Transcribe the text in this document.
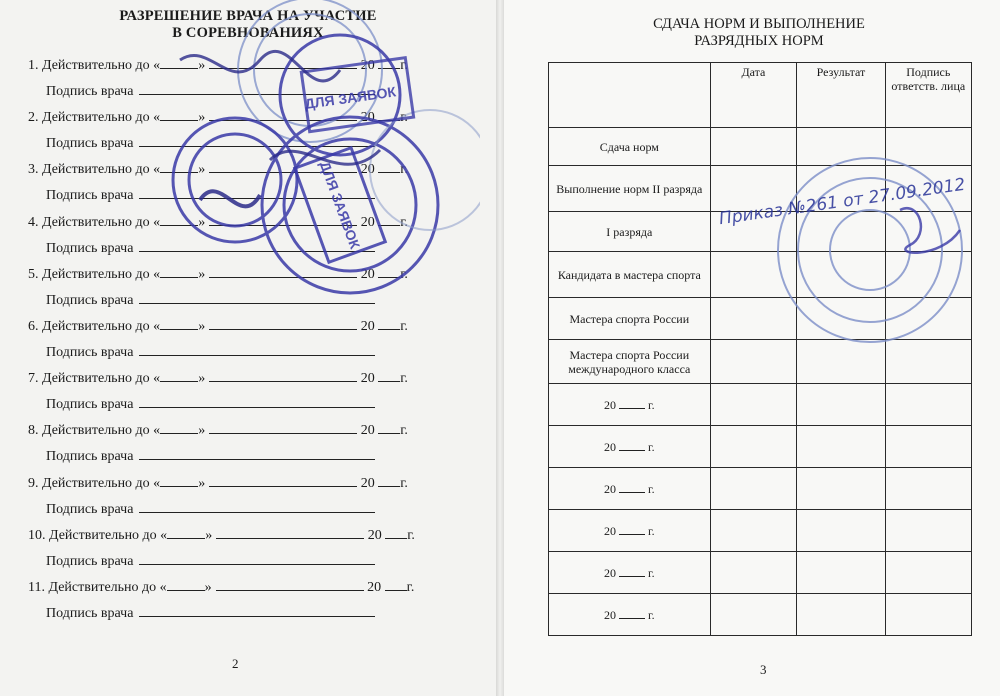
РАЗРЕШЕНИЕ ВРАЧА НА УЧАСТИЕ
В СОРЕВНОВАНИЯХ
1. Действительно до «	»	20 г.
Подпись врача
2. Действительно до «	»	20 г.
Подпись врача
3. Действительно до «	»	20 г.
Подпись врача
4. Действительно до «	»	20 г.
Подпись врача
5. Действительно до «	»	20 г.
Подпись врача
6. Действительно до «	»	20 г.
Подпись врача
7. Действительно до «	»	20 г.
Подпись врача
8. Действительно до «	»	20 г.
Подпись врача
9. Действительно до «	»	20 г.
Подпись врача
10. Действительно до «	»	20 г.
Подпись врача
11. Действительно до «	»	20 г.
Подпись врача
2
СДАЧА НОРМ И ВЫПОЛНЕНИЕ
РАЗРЯДНЫХ НОРМ
	Дата	Результат	Подпись ответств. лица
Сдача норм			
Выполнение норм II разряда			
I разряда			
Кандидата в мастера спорта			
Мастера спорта России			
Мастера спорта России международного класса			
20 г.			
20 г.			
20 г.			
20 г.			
20 г.			
20 г.			
3
ДЛЯ ЗАЯВОК
ДЛЯ ЗАЯВОК	Приказ №261 от 27.09.2012
